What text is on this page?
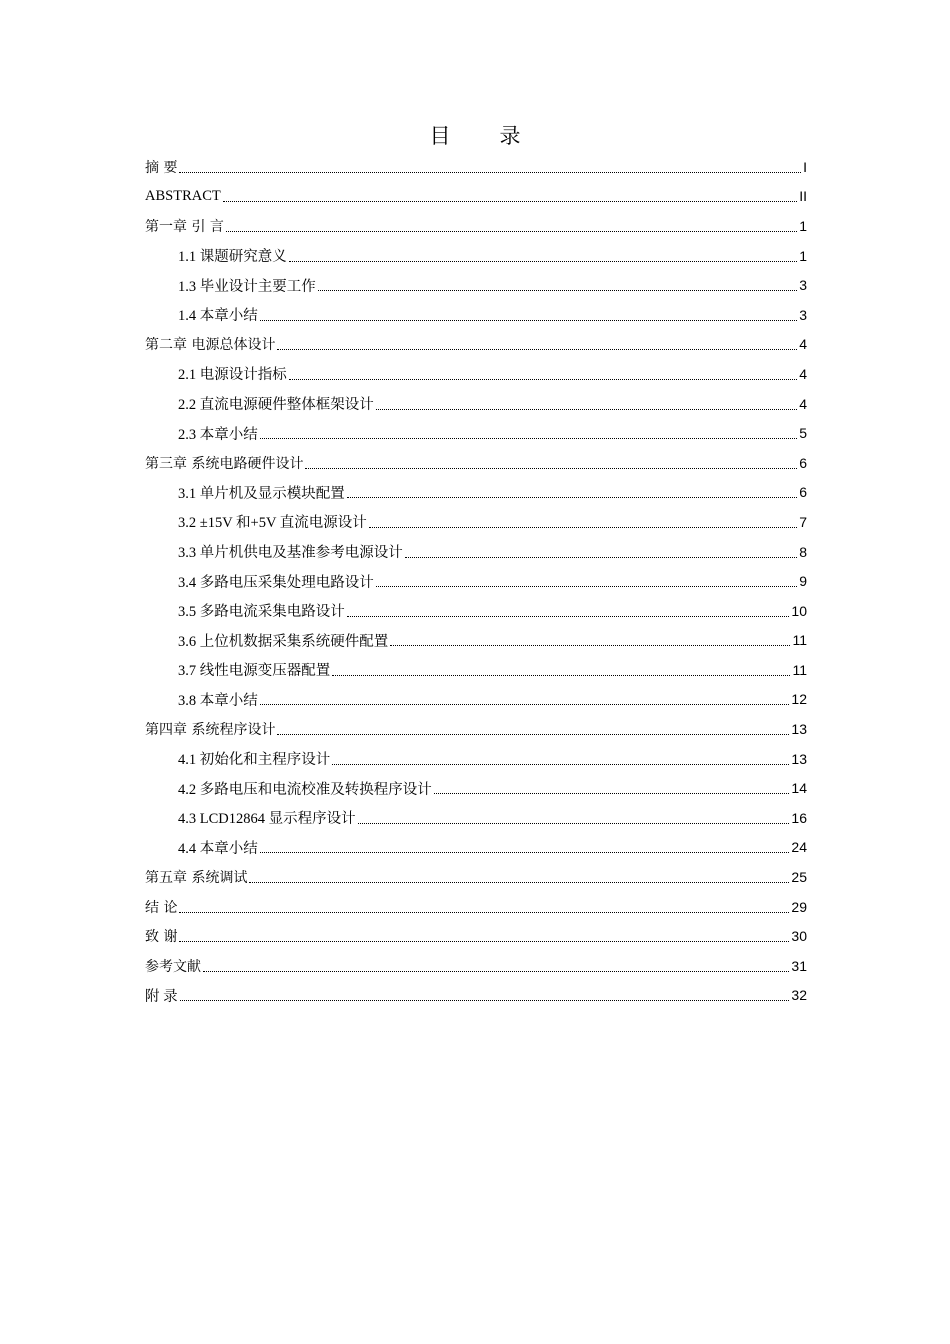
目　录
摘 要	I
ABSTRACT	II
第一章 引 言	1
1.1 课题研究意义	1
1.3 毕业设计主要工作	3
1.4 本章小结	3
第二章 电源总体设计	4
2.1 电源设计指标	4
2.2 直流电源硬件整体框架设计	4
2.3 本章小结	5
第三章 系统电路硬件设计	6
3.1 单片机及显示模块配置	6
3.2 ±15V 和+5V 直流电源设计	7
3.3 单片机供电及基准参考电源设计	8
3.4 多路电压采集处理电路设计	9
3.5 多路电流采集电路设计	10
3.6 上位机数据采集系统硬件配置	11
3.7 线性电源变压器配置	11
3.8 本章小结	12
第四章 系统程序设计	13
4.1 初始化和主程序设计	13
4.2 多路电压和电流校准及转换程序设计	14
4.3 LCD12864 显示程序设计	16
4.4 本章小结	24
第五章 系统调试	25
结 论	29
致 谢	30
参考文献	31
附 录	32
